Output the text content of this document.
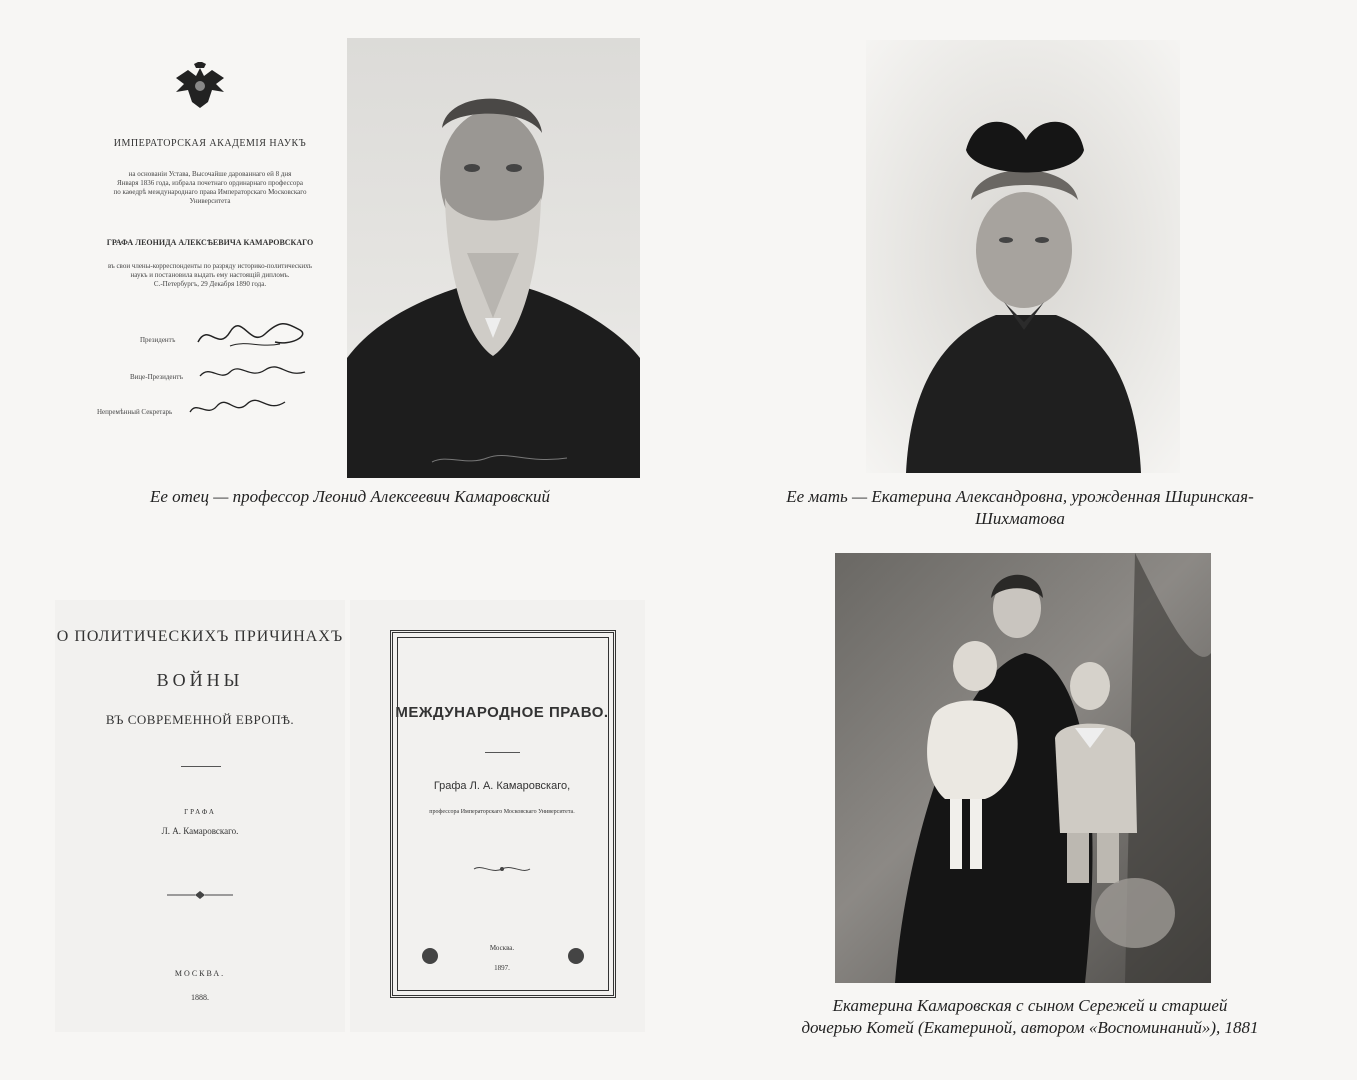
ИМПЕРАТОРСКАЯ АКАДЕМІЯ НАУКЪ
на основаніи Устава, Высочайше дарованнаго ей 8 дня
Января 1836 года, избрала почетнаго ординарнаго профессора
по каѳедрѣ международнаго права Императорскаго Московскаго
Университета
ГРАФА ЛЕОНИДА АЛЕКСѢЕВИЧА КАМАРОВСКАГО
въ свои члены-корреспонденты по разряду историко-политическихъ
наукъ и постановила выдать ему настоящій дипломъ.
С.-Петербургъ, 29 Декабря 1890 года.
Президентъ
Вице-Президентъ
Непремѣнный Секретарь
Ее отец — профессор Леонид Алексеевич Камаровский	Ее мать — Екатерина Александровна, урожденная Ширинская-
Шихматова
О ПОЛИТИЧЕСКИХЪ ПРИЧИНАХЪ
ВОЙНЫ
ВЪ СОВРЕМЕННОЙ ЕВРОПѢ.
ГРАФА
Л. А. Камаровскаго.
МОСКВА.
1888.
МЕЖДУНАРОДНОЕ ПРАВО.
Графа Л. А. Камаровскаго,
профессора Императорскаго Московскаго Университета.
Москва.
1897.
Екатерина Камаровская с сыном Сережей и старшей
дочерью Котей (Екатериной, автором «Воспоминаний»), 1881
